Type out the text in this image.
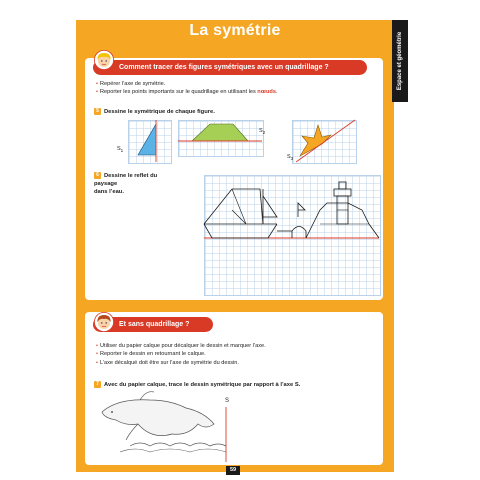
Espace et géométrie
La symétrie
Comment tracer des figures symétriques avec un quadrillage ?
• Repérer l’axe de symétrie.
• Reporter les points importants sur le quadrillage en utilisant les nœuds.
5 Dessine le symétrique de chaque figure.
$S_1$
$S_2$
$S_3$
6 Dessine le reflet du paysage
dans l’eau.
Et sans quadrillage ?
• Utiliser du papier calque pour décalquer le dessin et marquer l’axe.
• Reporter le dessin en retournant le calque.
• L’axe décalqué doit être sur l’axe de symétrie du dessin.
7 Avec du papier calque, trace le dessin symétrique par rapport à l’axe S.
S
59
